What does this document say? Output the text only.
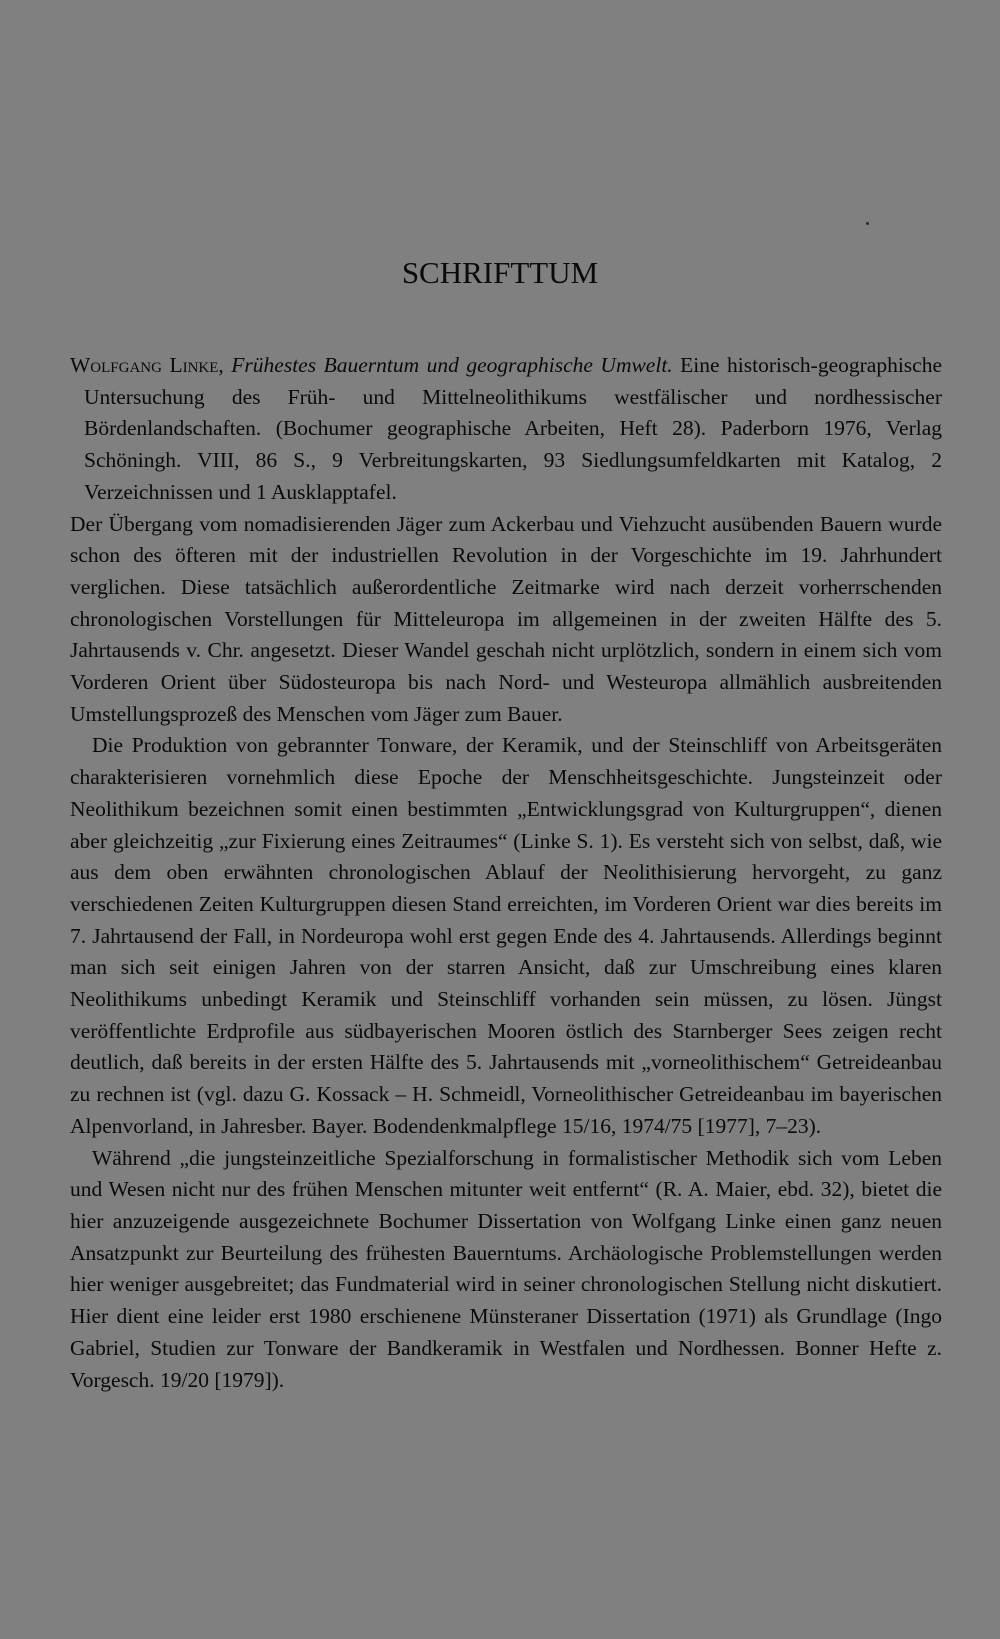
SCHRIFTTUM

Wolfgang Linke, Frühestes Bauerntum und geographische Umwelt. Eine historisch-geographische Untersuchung des Früh- und Mittelneolithikums westfälischer und nordhessischer Bördenlandschaften. (Bochumer geographische Arbeiten, Heft 28). Paderborn 1976, Verlag Schöningh. VIII, 86 S., 9 Verbreitungskarten, 93 Siedlungsumfeldkarten mit Katalog, 2 Verzeichnissen und 1 Ausklapptafel.

Der Übergang vom nomadisierenden Jäger zum Ackerbau und Viehzucht ausübenden Bauern wurde schon des öfteren mit der industriellen Revolution in der Vorgeschichte im 19. Jahrhundert verglichen. Diese tatsächlich außerordentliche Zeitmarke wird nach derzeit vorherrschenden chronologischen Vorstellungen für Mitteleuropa im allgemeinen in der zweiten Hälfte des 5. Jahrtausends v. Chr. angesetzt. Dieser Wandel geschah nicht urplötzlich, sondern in einem sich vom Vorderen Orient über Südosteuropa bis nach Nord- und Westeuropa allmählich ausbreitenden Umstellungsprozeß des Menschen vom Jäger zum Bauer.

Die Produktion von gebrannter Tonware, der Keramik, und der Steinschliff von Arbeitsgeräten charakterisieren vornehmlich diese Epoche der Menschheitsgeschichte. Jungsteinzeit oder Neolithikum bezeichnen somit einen bestimmten „Entwicklungsgrad von Kulturgruppen“, dienen aber gleichzeitig „zur Fixierung eines Zeitraumes“ (Linke S. 1). Es versteht sich von selbst, daß, wie aus dem oben erwähnten chronologischen Ablauf der Neolithisierung hervorgeht, zu ganz verschiedenen Zeiten Kulturgruppen diesen Stand erreichten, im Vorderen Orient war dies bereits im 7. Jahrtausend der Fall, in Nordeuropa wohl erst gegen Ende des 4. Jahrtausends. Allerdings beginnt man sich seit einigen Jahren von der starren Ansicht, daß zur Umschreibung eines klaren Neolithikums unbedingt Keramik und Steinschliff vorhanden sein müssen, zu lösen. Jüngst veröffentlichte Erdprofile aus südbayerischen Mooren östlich des Starnberger Sees zeigen recht deutlich, daß bereits in der ersten Hälfte des 5. Jahrtausends mit „vorneolithischem“ Getreideanbau zu rechnen ist (vgl. dazu G. Kossack – H. Schmeidl, Vorneolithischer Getreideanbau im bayerischen Alpenvorland, in Jahresber. Bayer. Bodendenkmalpflege 15/16, 1974/75 [1977], 7–23).

Während „die jungsteinzeitliche Spezialforschung in formalistischer Methodik sich vom Leben und Wesen nicht nur des frühen Menschen mitunter weit entfernt“ (R. A. Maier, ebd. 32), bietet die hier anzuzeigende ausgezeichnete Bochumer Dissertation von Wolfgang Linke einen ganz neuen Ansatzpunkt zur Beurteilung des frühesten Bauerntums. Archäologische Problemstellungen werden hier weniger ausgebreitet; das Fundmaterial wird in seiner chronologischen Stellung nicht diskutiert. Hier dient eine leider erst 1980 erschienene Münsteraner Dissertation (1971) als Grundlage (Ingo Gabriel, Studien zur Tonware der Bandkeramik in Westfalen und Nordhessen. Bonner Hefte z. Vorgesch. 19/20 [1979]).
